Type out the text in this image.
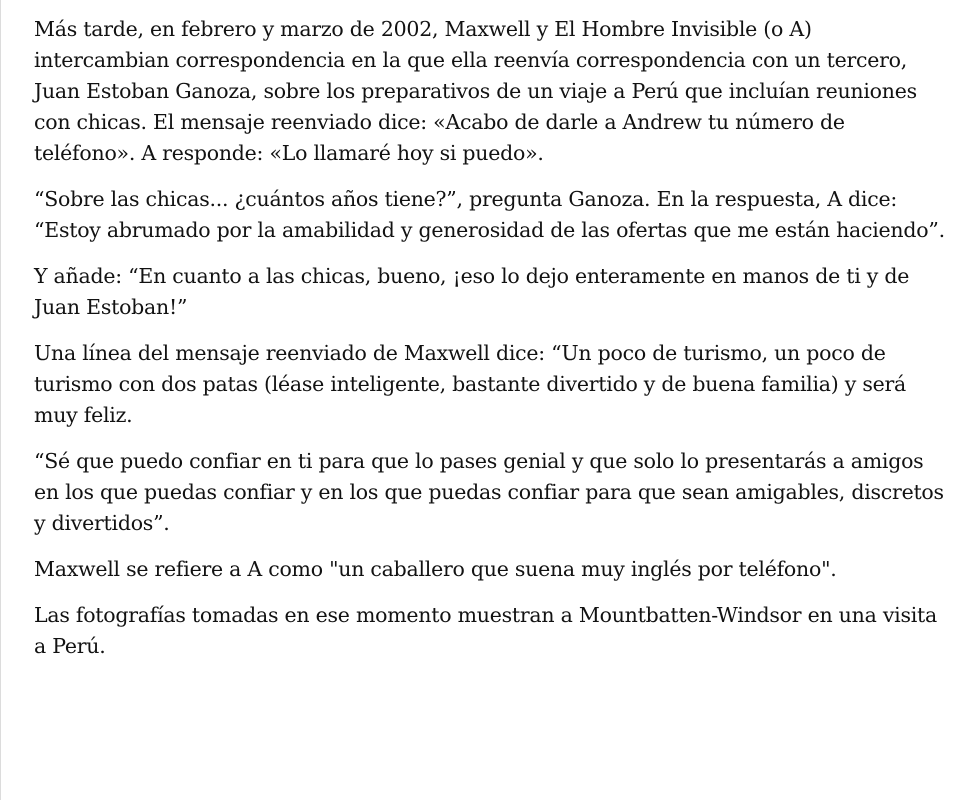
Más tarde, en febrero y marzo de 2002, Maxwell y El Hombre Invisible (o A) intercambian correspondencia en la que ella reenvía correspondencia con un tercero, Juan Estoban Ganoza, sobre los preparativos de un viaje a Perú que incluían reuniones con chicas. El mensaje reenviado dice: «Acabo de darle a Andrew tu número de teléfono». A responde: «Lo llamaré hoy si puedo».

“Sobre las chicas... ¿cuántos años tiene?”, pregunta Ganoza. En la respuesta, A dice: “Estoy abrumado por la amabilidad y generosidad de las ofertas que me están haciendo”.

Y añade: “En cuanto a las chicas, bueno, ¡eso lo dejo enteramente en manos de ti y de Juan Estoban!”

Una línea del mensaje reenviado de Maxwell dice: “Un poco de turismo, un poco de turismo con dos patas (léase inteligente, bastante divertido y de buena familia) y será muy feliz.

“Sé que puedo confiar en ti para que lo pases genial y que solo lo presentarás a amigos en los que puedas confiar y en los que puedas confiar para que sean amigables, discretos y divertidos”.

Maxwell se refiere a A como "un caballero que suena muy inglés por teléfono".

Las fotografías tomadas en ese momento muestran a Mountbatten-Windsor en una visita a Perú.
